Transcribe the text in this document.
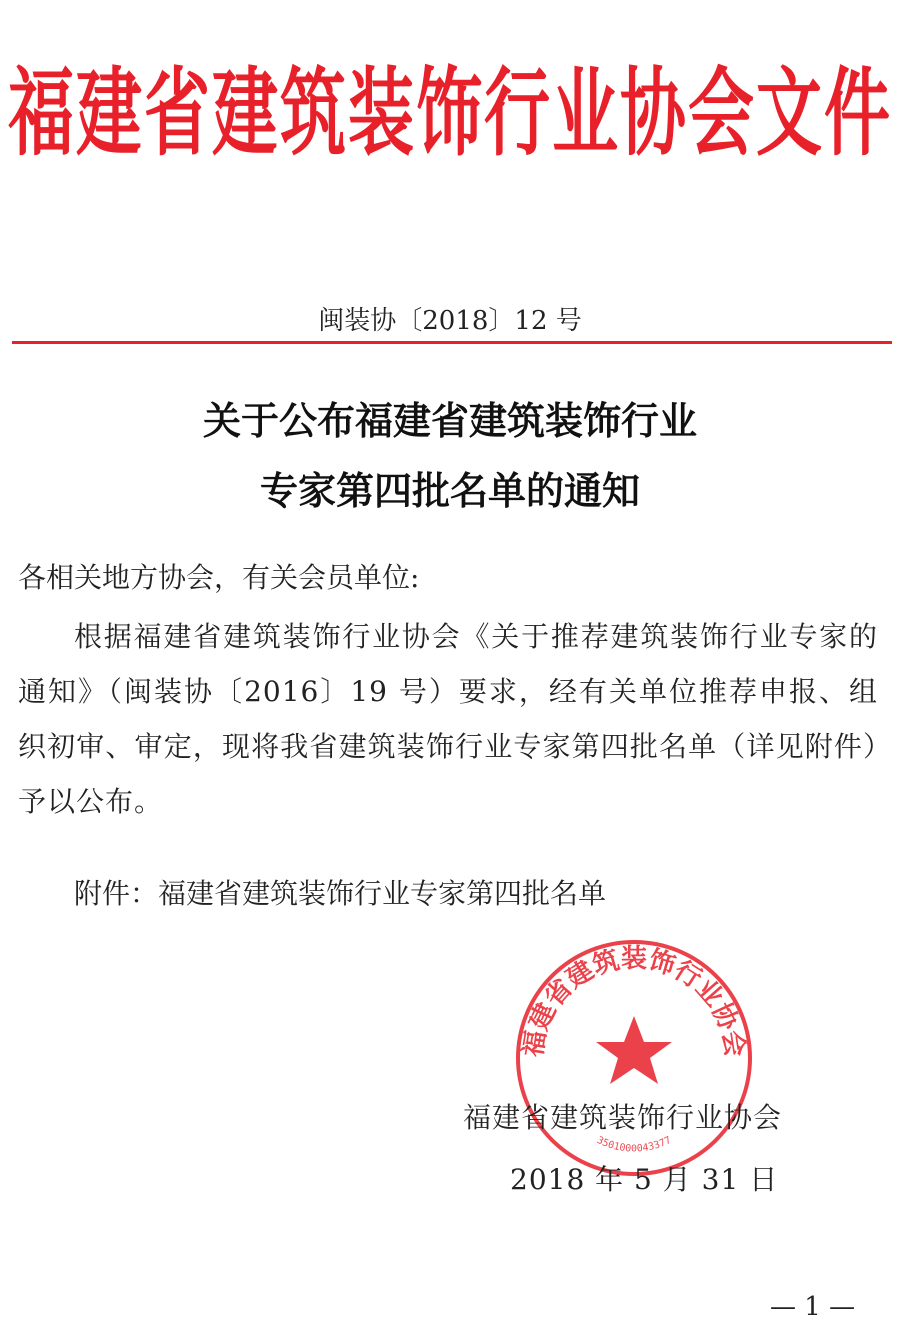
福建省建筑装饰行业协会文件
闽装协〔2018〕12 号
关于公布福建省建筑装饰行业
专家第四批名单的通知
各相关地方协会，有关会员单位:
根据福建省建筑装饰行业协会《关于推荐建筑装饰行业专家的通知》（闽装协〔2016〕19 号）要求，经有关单位推荐申报、组织初审、审定，现将我省建筑装饰行业专家第四批名单（详见附件）予以公布。
附件：福建省建筑装饰行业专家第四批名单
福建省建筑装饰行业协会
3501000043377
福建省建筑装饰行业协会
2018 年 5 月 31 日
— 1 —
